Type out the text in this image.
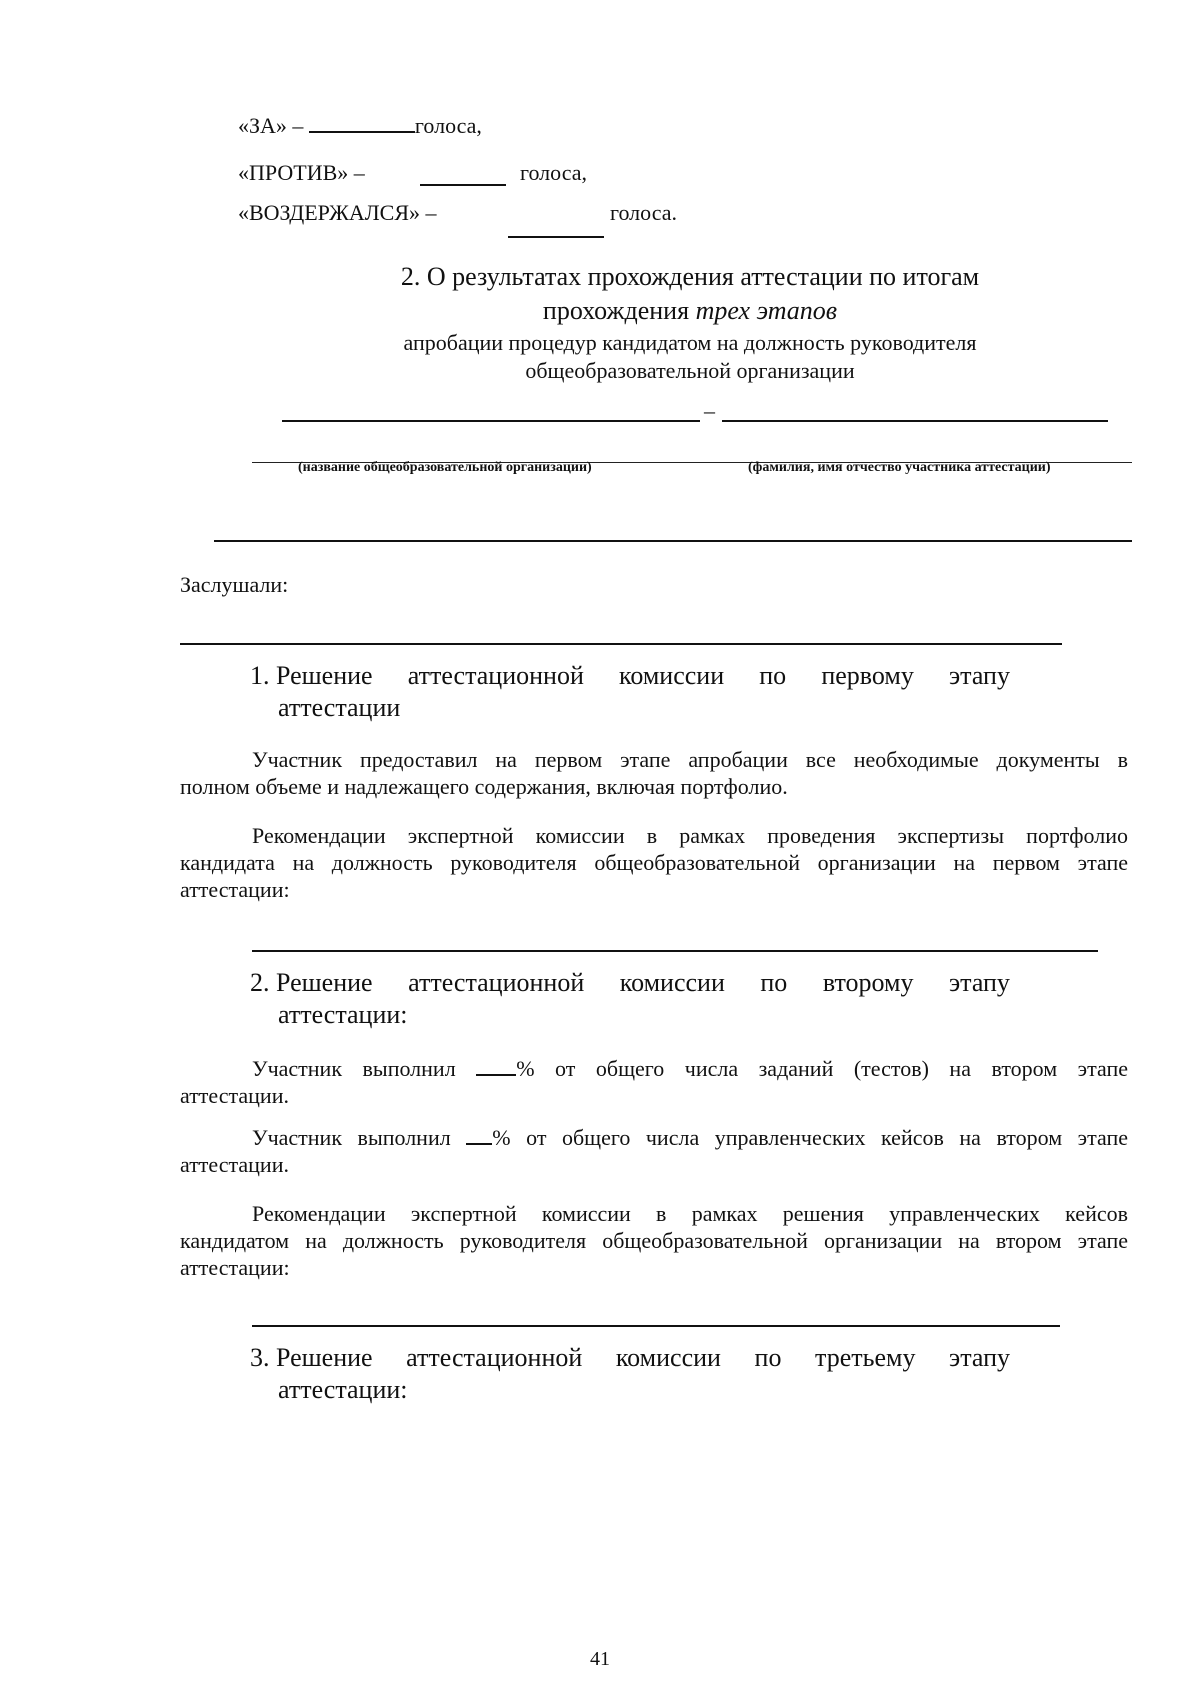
«ЗА» –	голоса,
«ПРОТИВ» –	голоса,
«ВОЗДЕРЖАЛСЯ» –	голоса.
2. О результатах прохождения аттестации по итогам
прохождения трех этапов
апробации процедур кандидатом на должность руководителя
общеобразовательной организации
–
(название общеобразовательной организации)	(фамилия, имя отчество участника аттестации)
Заслушали:
1. Решение аттестационной комиссии по первому этапу
аттестации
Участник предоставил на первом этапе апробации все необходимые документы в
полном объеме и надлежащего содержания, включая портфолио.
Рекомендации экспертной комиссии в рамках проведения экспертизы портфолио
кандидата на должность руководителя общеобразовательной организации на первом этапе
аттестации:
2. Решение аттестационной комиссии по второму этапу
аттестации:
Участник выполнил	% от общего числа заданий (тестов) на втором этапе
аттестации.
Участник выполнил % от общего числа управленческих кейсов на втором этапе
аттестации.
Рекомендации экспертной комиссии в рамках решения управленческих кейсов
кандидатом на должность руководителя общеобразовательной организации на втором этапе
аттестации:
3. Решение аттестационной комиссии по третьему этапу
аттестации:
41
